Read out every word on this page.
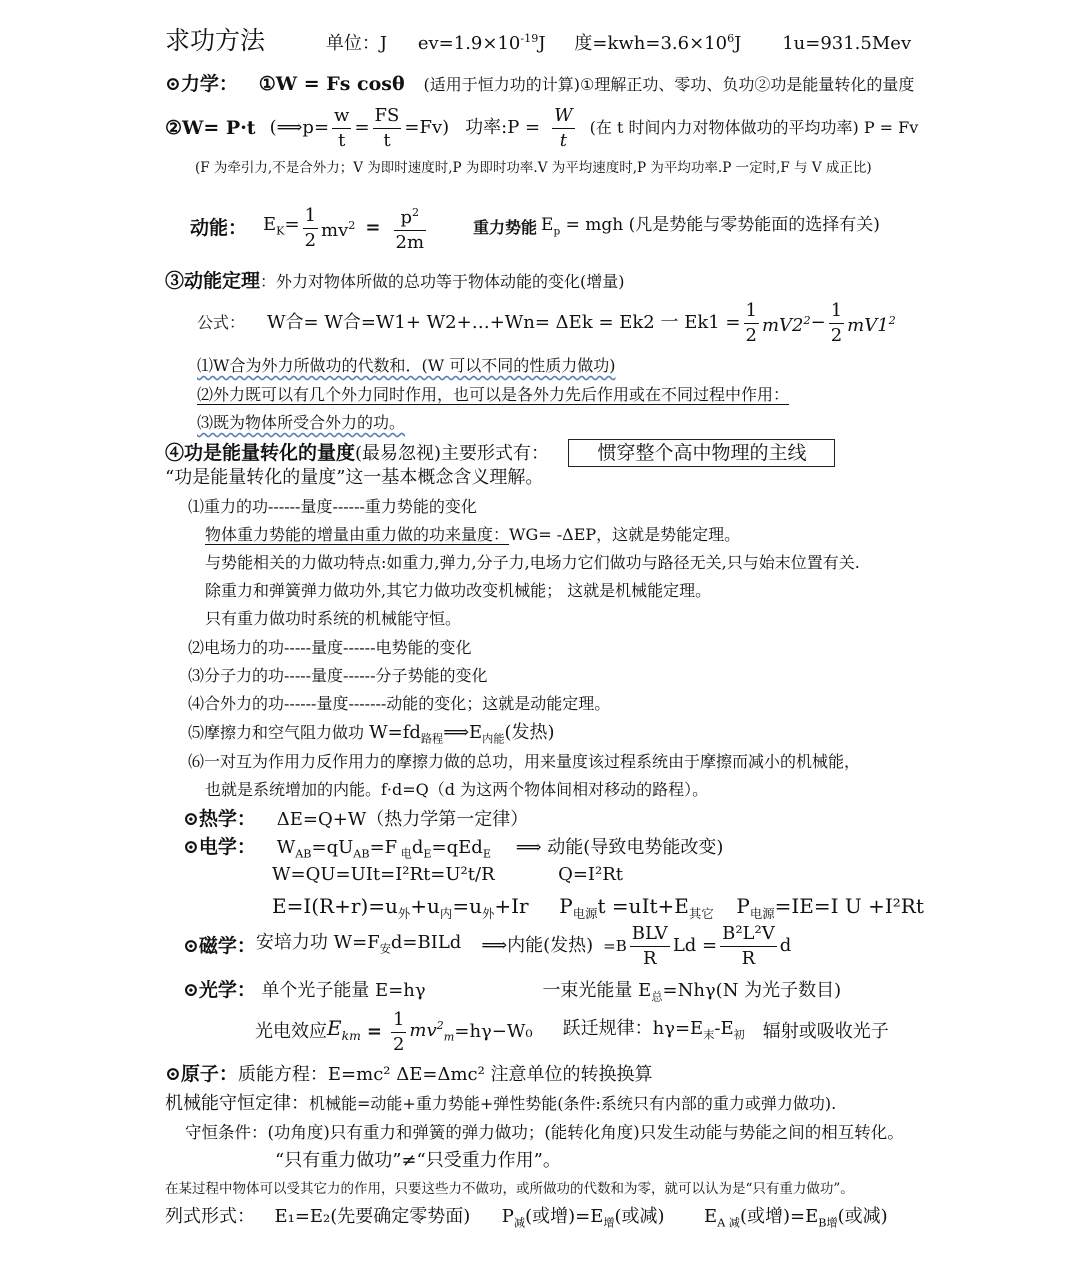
求功方法	单位：J $ev=1.9\times 10^{-19}J$ 度$=kwh=3.6\times 10^6J$ 1u=931.5Mev
⊙力学： ①W = Fs cosθ (适用于恒力功的计算)①理解正功、零功、负功②功是能量转化的量度
②W= P·t (⟹p= $\frac{w}{t} = \frac{FS}{t} =Fv$) 功率:P = $\frac{W}{t}$ (在 t 时间内力对物体做功的平均功率) P = Fv
(F 为牵引力,不是合外力；V 为即时速度时,P 为即时功率.V 为平均速度时,P 为平均功率.P 一定时,F 与 V 成正比)
动能： $E_K= \frac{1}{2} mv^2 = \frac{p^2}{2m}$	重力势能 $E_p$ = mgh (凡是势能与零势能面的选择有关)
③动能定理：外力对物体所做的总功等于物体动能的变化(增量)
公式： W合= W合=W1+ W2+…+Wn= ΔEk = Ek2 一 $Ek1 = \frac{1}{2} mV2^2 - \frac{1}{2} mV1^2$
⑴W合为外力所做功的代数和．(W 可以不同的性质力做功)
⑵外力既可以有几个外力同时作用，也可以是各外力先后作用或在不同过程中作用：
⑶既为物体所受合外力的功。
④功是能量转化的量度(最易忽视)主要形式有：	惯穿整个高中物理的主线
“功是能量转化的量度”这一基本概念含义理解。
⑴重力的功------量度------重力势能的变化
物体重力势能的增量由重力做的功来量度：WG= -ΔEP，这就是势能定理。
与势能相关的力做功特点:如重力,弹力,分子力,电场力它们做功与路径无关,只与始末位置有关.
除重力和弹簧弹力做功外,其它力做功改变机械能； 这就是机械能定理。
只有重力做功时系统的机械能守恒。
⑵电场力的功-----量度------电势能的变化
⑶分子力的功-----量度------分子势能的变化
⑷合外力的功------量度-------动能的变化；这就是动能定理。
⑸摩擦力和空气阻力做功 $W=fd_{路程}⟹E_{内能}$(发热)
⑹一对互为作用力反作用力的摩擦力做的总功，用来量度该过程系统由于摩擦而减小的机械能，
也就是系统增加的内能。f·d=Q（d 为这两个物体间相对移动的路程）。
⊙热学： ΔE=Q+W（热力学第一定律）
⊙电学： $W_{AB}=qU_{AB}=F$ $_电d_E=qEd_E$ ⟹ 动能(导致电势能改变)
W=QU=UIt=I²Rt=U²t/R	Q=I²Rt
$E=I(R+r)=u_外+u_内=u_外+Ir$ $P_{电源}t =uIt+E_{其它}$ $P_{电源}=IE=I$ U +I²Rt
⊙磁学： 安培力功 $W=F_安d=BILd$ ⟹内能(发热) =B
BLV
R
$Ld = \frac{\text{B²L²V}}{R}$ d
⊙光学： 单个光子能量 E=hγ	一束光能量 $E_总=Nh\gamma(N$ 为光子数目)
光电效应 $E_{km} = \frac{1}{2} mv^2_m =h\gamma-W_0$ 跃迁规律：$h\gamma=E_末-E_初$ 辐射或吸收光子
⊙原子：质能方程：E=mc² ΔE=Δmc² 注意单位的转换换算
机械能守恒定律：机械能=动能+重力势能+弹性势能(条件:系统只有内部的重力或弹力做功).
守恒条件：(功角度)只有重力和弹簧的弹力做功；(能转化角度)只发生动能与势能之间的相互转化。
“只有重力做功”≠“只受重力作用”。
在某过程中物体可以受其它力的作用，只要这些力不做功，或所做功的代数和为零，就可以认为是“只有重力做功”。
列式形式： E₁=E₂(先要确定零势面) $P_减$(或增)$=E_增$(或减) $E_A$ $_减$(或增)$=E_{B增}$(或减)
